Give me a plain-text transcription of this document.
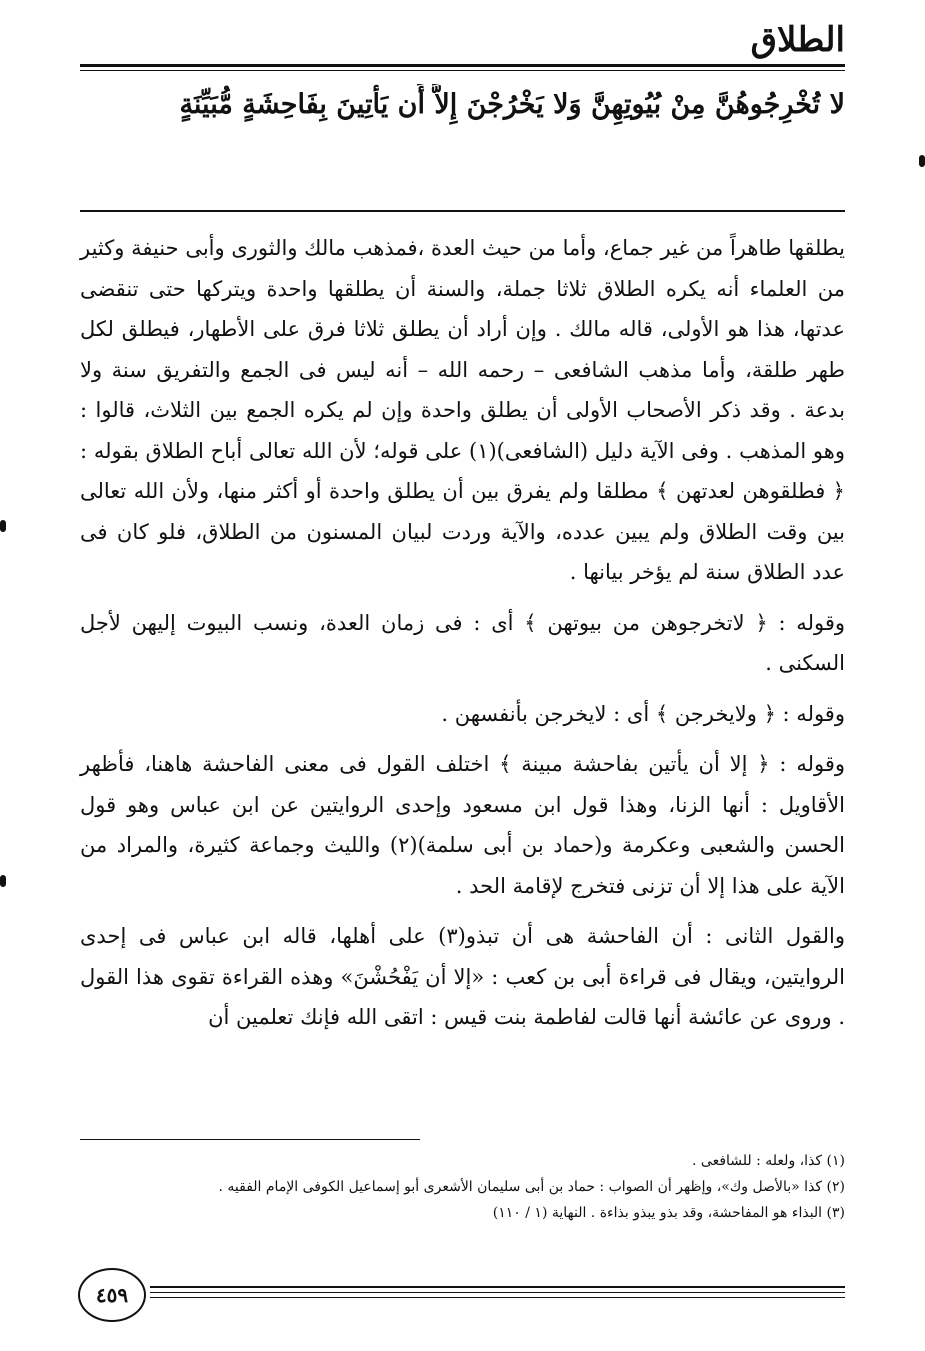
الطلاق
لا تُخْرِجُوهُنَّ مِنْ بُيُوتِهِنَّ وَلا يَخْرُجْنَ إِلاَّ أَن يَأْتِينَ بِفَاحِشَةٍ مُّبَيِّنَةٍ

يطلقها طاهراً من غير جماع، وأما من حيث العدة ،فمذهب مالك والثورى وأبى حنيفة وكثير من العلماء أنه يكره الطلاق ثلاثا جملة، والسنة أن يطلقها واحدة ويتركها حتى تنقضى عدتها، هذا هو الأولى، قاله مالك . وإن أراد أن يطلق ثلاثا فرق على الأطهار، فيطلق لكل طهر طلقة، وأما مذهب الشافعى – رحمه الله – أنه ليس فى الجمع والتفريق سنة ولا بدعة . وقد ذكر الأصحاب الأولى أن يطلق واحدة وإن لم يكره الجمع بين الثلاث، قالوا : وهو المذهب . وفى الآية دليل (الشافعى)(١) على قوله؛ لأن الله تعالى أباح الطلاق بقوله : ﴿ فطلقوهن لعدتهن ﴾ مطلقا ولم يفرق بين أن يطلق واحدة أو أكثر منها، ولأن الله تعالى بين وقت الطلاق ولم يبين عدده، والآية وردت لبيان المسنون من الطلاق، فلو كان فى عدد الطلاق سنة لم يؤخر بيانها .

وقوله : ﴿ لاتخرجوهن من بيوتهن ﴾ أى : فى زمان العدة، ونسب البيوت إليهن لأجل السكنى .

وقوله : ﴿ ولايخرجن ﴾ أى : لايخرجن بأنفسهن .

وقوله : ﴿ إلا أن يأتين بفاحشة مبينة ﴾ اختلف القول فى معنى الفاحشة هاهنا، فأظهر الأقاويل : أنها الزنا، وهذا قول ابن مسعود وإحدى الروايتين عن ابن عباس وهو قول الحسن والشعبى وعكرمة و(حماد بن أبى سلمة)(٢) والليث وجماعة كثيرة، والمراد من الآية على هذا إلا أن تزنى فتخرج لإقامة الحد .

والقول الثانى : أن الفاحشة هى أن تبذو(٣) على أهلها، قاله ابن عباس فى إحدى الروايتين، ويقال فى قراءة أبى بن كعب : «إلا أن يَفْحُشْنَ» وهذه القراءة تقوى هذا القول . وروى عن عائشة أنها قالت لفاطمة بنت قيس : اتقى الله فإنك تعلمين أن

(١) كذا، ولعله : للشافعى .
(٢) كذا «بالأصل وك»، وإظهر أن الصواب : حماد بن أبى سليمان الأشعرى أبو إسماعيل الكوفى الإمام الفقيه .
(٣) البذاء هو المفاحشة، وقد بذو يبذو بذاءة . النهاية (١ / ١١٠)
٤٥٩
